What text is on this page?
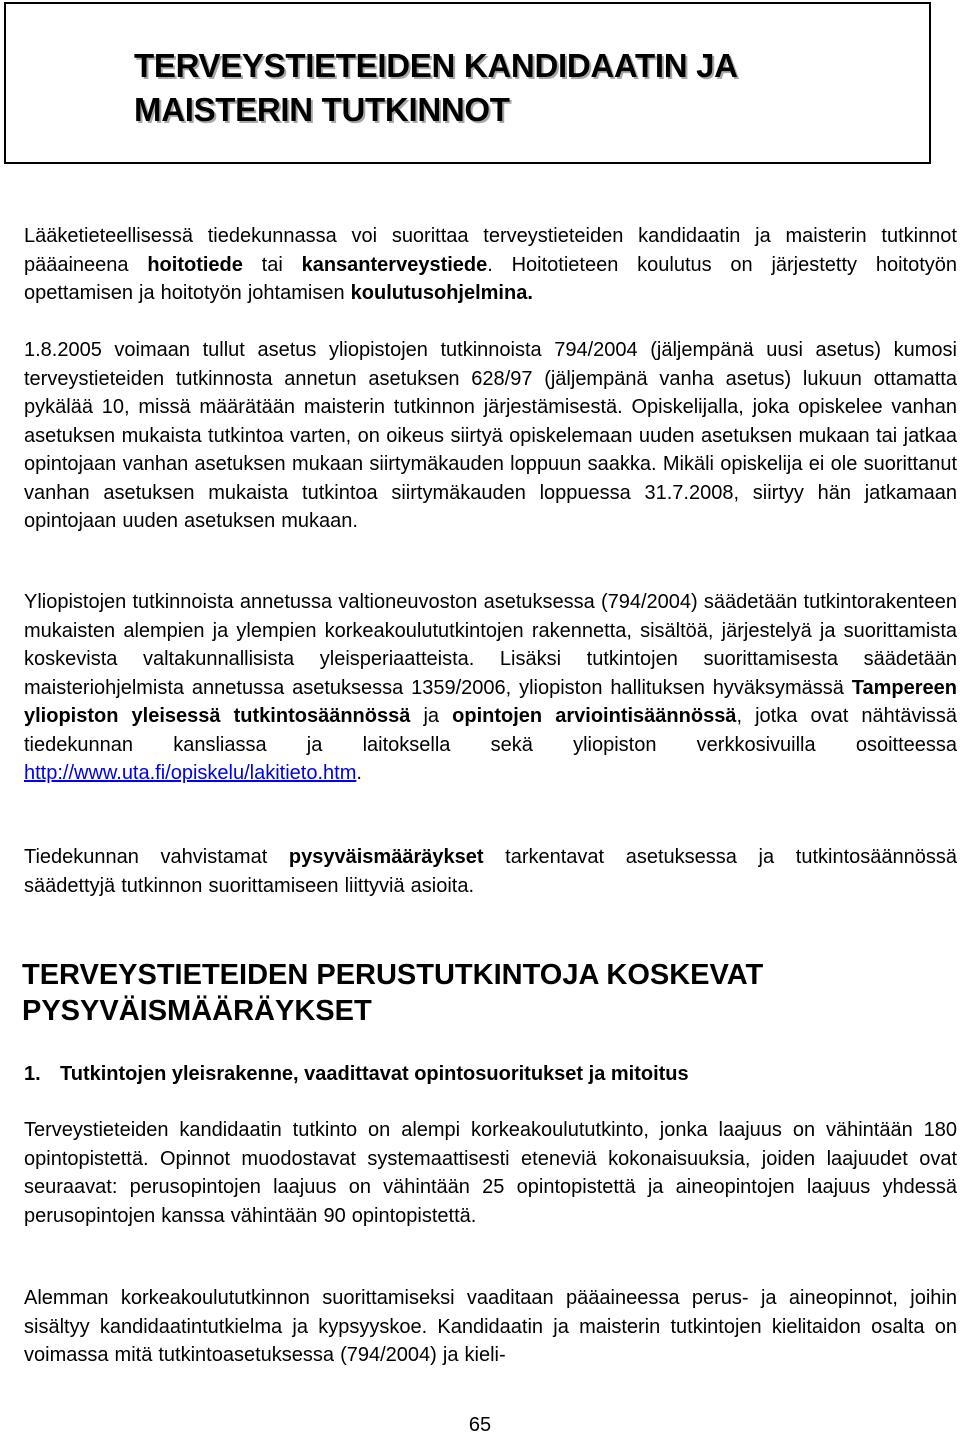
TERVEYSTIETEIDEN KANDIDAATIN JA
MAISTERIN TUTKINNOT

Lääketieteellisessä tiedekunnassa voi suorittaa terveystieteiden kandidaatin ja maisterin tutkinnot pääaineena hoitotiede tai kansanterveystiede. Hoitotieteen koulutus on järjestetty hoitotyön opettamisen ja hoitotyön johtamisen koulutusohjelmina.

1.8.2005 voimaan tullut asetus yliopistojen tutkinnoista 794/2004 (jäljempänä uusi asetus) kumosi terveystieteiden tutkinnosta annetun asetuksen 628/97 (jäljempänä vanha asetus) lukuun ottamatta pykälää 10, missä määrätään maisterin tutkinnon järjestämisestä. Opiskelijalla, joka opiskelee vanhan asetuksen mukaista tutkintoa varten, on oikeus siirtyä opiskelemaan uuden asetuksen mukaan tai jatkaa opintojaan vanhan asetuksen mukaan siirtymäkauden loppuun saakka. Mikäli opiskelija ei ole suorittanut vanhan asetuksen mukaista tutkintoa siirtymäkauden loppuessa 31.7.2008, siirtyy hän jatkamaan opintojaan uuden asetuksen mukaan.

Yliopistojen tutkinnoista annetussa valtioneuvoston asetuksessa (794/2004) säädetään tutkintorakenteen mukaisten alempien ja ylempien korkeakoulututkintojen rakennetta, sisältöä, järjestelyä ja suorittamista koskevista valtakunnallisista yleisperiaatteista. Lisäksi tutkintojen suorittamisesta säädetään maisteriohjelmista annetussa asetuksessa 1359/2006, yliopiston hallituksen hyväksymässä Tampereen yliopiston yleisessä tutkintosäännössä ja opintojen arviointisäännössä, jotka ovat nähtävissä tiedekunnan kansliassa ja laitoksella sekä yliopiston verkkosivuilla osoitteessa http://www.uta.fi/opiskelu/lakitieto.htm.

Tiedekunnan vahvistamat pysyväismääräykset tarkentavat asetuksessa ja tutkintosäännössä säädettyjä tutkinnon suorittamiseen liittyviä asioita.

TERVEYSTIETEIDEN PERUSTUTKINTOJA KOSKEVAT
PYSYVÄISMÄÄRÄYKSET
1. Tutkintojen yleisrakenne, vaadittavat opintosuoritukset ja mitoitus

Terveystieteiden kandidaatin tutkinto on alempi korkeakoulututkinto, jonka laajuus on vähintään 180 opintopistettä. Opinnot muodostavat systemaattisesti eteneviä kokonaisuuksia, joiden laajuudet ovat seuraavat: perusopintojen laajuus on vähintään 25 opintopistettä ja aineopintojen laajuus yhdessä perusopintojen kanssa vähintään 90 opintopistettä.

Alemman korkeakoulututkinnon suorittamiseksi vaaditaan pääaineessa perus- ja aineopinnot, joihin sisältyy kandidaatintutkielma ja kypsyyskoe. Kandidaatin ja maisterin tutkintojen kielitaidon osalta on voimassa mitä tutkintoasetuksessa (794/2004) ja kieli-

65
